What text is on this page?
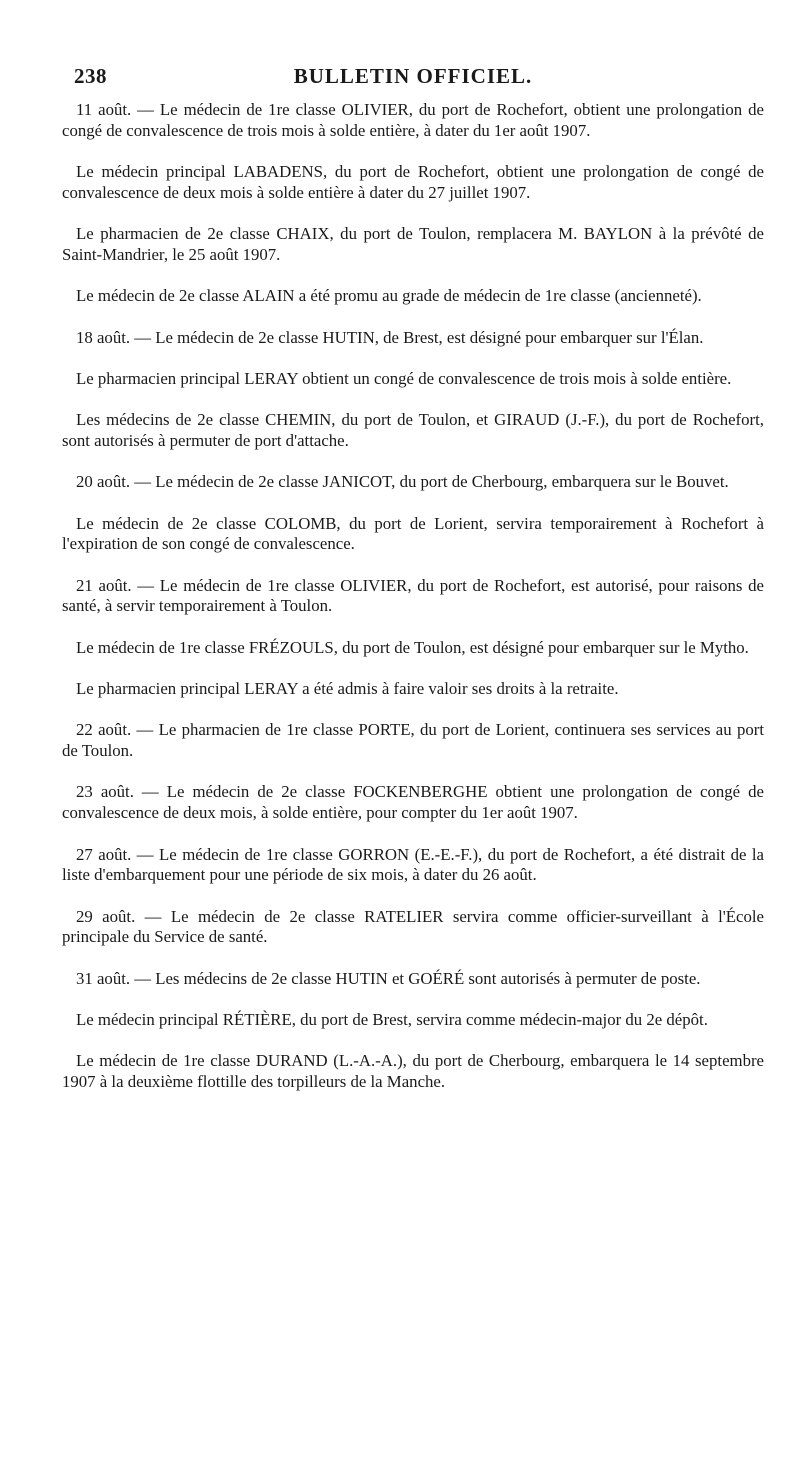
238	BULLETIN OFFICIEL.

11 août. — Le médecin de 1re classe OLIVIER, du port de Rochefort, obtient une prolongation de congé de convalescence de trois mois à solde entière, à dater du 1er août 1907.

Le médecin principal LABADENS, du port de Rochefort, obtient une prolongation de congé de convalescence de deux mois à solde entière à dater du 27 juillet 1907.

Le pharmacien de 2e classe CHAIX, du port de Toulon, remplacera M. BAYLON à la prévôté de Saint-Mandrier, le 25 août 1907.

Le médecin de 2e classe ALAIN a été promu au grade de médecin de 1re classe (ancienneté).

18 août. — Le médecin de 2e classe HUTIN, de Brest, est désigné pour embarquer sur l'Élan.

Le pharmacien principal LERAY obtient un congé de convalescence de trois mois à solde entière.

Les médecins de 2e classe CHEMIN, du port de Toulon, et GIRAUD (J.-F.), du port de Rochefort, sont autorisés à permuter de port d'attache.

20 août. — Le médecin de 2e classe JANICOT, du port de Cherbourg, embarquera sur le Bouvet.

Le médecin de 2e classe COLOMB, du port de Lorient, servira temporairement à Rochefort à l'expiration de son congé de convalescence.

21 août. — Le médecin de 1re classe OLIVIER, du port de Rochefort, est autorisé, pour raisons de santé, à servir temporairement à Toulon.

Le médecin de 1re classe FRÉZOULS, du port de Toulon, est désigné pour embarquer sur le Mytho.

Le pharmacien principal LERAY a été admis à faire valoir ses droits à la retraite.

22 août. — Le pharmacien de 1re classe PORTE, du port de Lorient, continuera ses services au port de Toulon.

23 août. — Le médecin de 2e classe FOCKENBERGHE obtient une prolongation de congé de convalescence de deux mois, à solde entière, pour compter du 1er août 1907.

27 août. — Le médecin de 1re classe GORRON (E.-E.-F.), du port de Rochefort, a été distrait de la liste d'embarquement pour une période de six mois, à dater du 26 août.

29 août. — Le médecin de 2e classe RATELIER servira comme officier-surveillant à l'École principale du Service de santé.

31 août. — Les médecins de 2e classe HUTIN et GOÉRÉ sont autorisés à permuter de poste.

Le médecin principal RÉTIÈRE, du port de Brest, servira comme médecin-major du 2e dépôt.

Le médecin de 1re classe DURAND (L.-A.-A.), du port de Cherbourg, embarquera le 14 septembre 1907 à la deuxième flottille des torpilleurs de la Manche.
